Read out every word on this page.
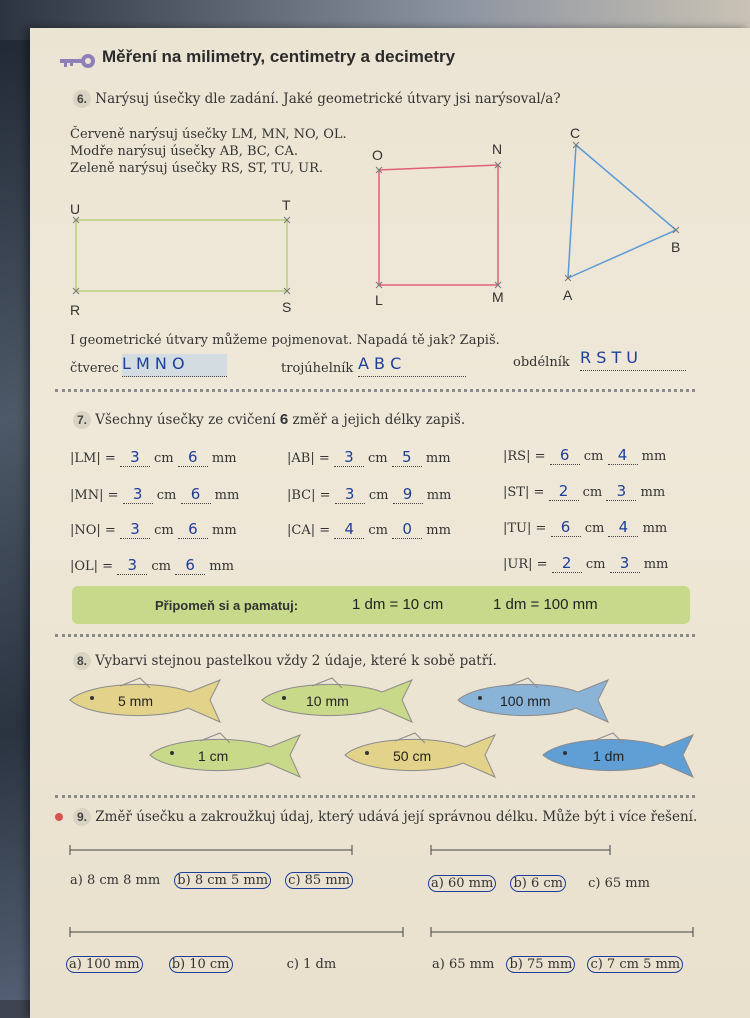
Měření na milimetry, centimetry a decimetry
6. Narýsuj úsečky dle zadání. Jaké geometrické útvary jsi narýsoval/a?
Červeně narýsuj úsečky LM, MN, NO, OL.
Modře narýsuj úsečky AB, BC, CA.
Zeleně narýsuj úsečky RS, ST, TU, UR.
U	T
R	S
O	N
L	M
C
B
A
I geometrické útvary můžeme pojmenovat. Napadá tě jak? Zapiš.
čtverec L M N O	trojúhelník A B C	obdélník R S T U
7. Všechny úsečky ze cvičení 6 změř a jejich délky zapiš.
|LM| = 3 cm 6 mm
|MN| = 3 cm 6 mm
|NO| = 3 cm 6 mm
|OL| = 3 cm 6 mm
|AB| = 3 cm 5 mm
|BC| = 3 cm 9 mm
|CA| = 4 cm 0 mm
|RS| = 6 cm 4 mm
|ST| = 2 cm 3 mm
|TU| = 6 cm 4 mm
|UR| = 2 cm 3 mm
Připomeň si a pamatuj:	1 dm = 10 cm	1 dm = 100 mm
8. Vybarvi stejnou pastelkou vždy 2 údaje, které k sobě patří.
5 mm	10 mm	100 mm
1 cm	50 cm	1 dm
9. Změř úsečku a zakroužkuj údaj, který udává její správnou délku. Může být i více řešení.
a) 8 cm 8 mm b) 8 cm 5 mm c) 85 mm	a) 60 mm b) 6 cm c) 65 mm
a) 100 mm b) 10 cm	c) 1 dm	a) 65 mm b) 75 mm c) 7 cm 5 mm
